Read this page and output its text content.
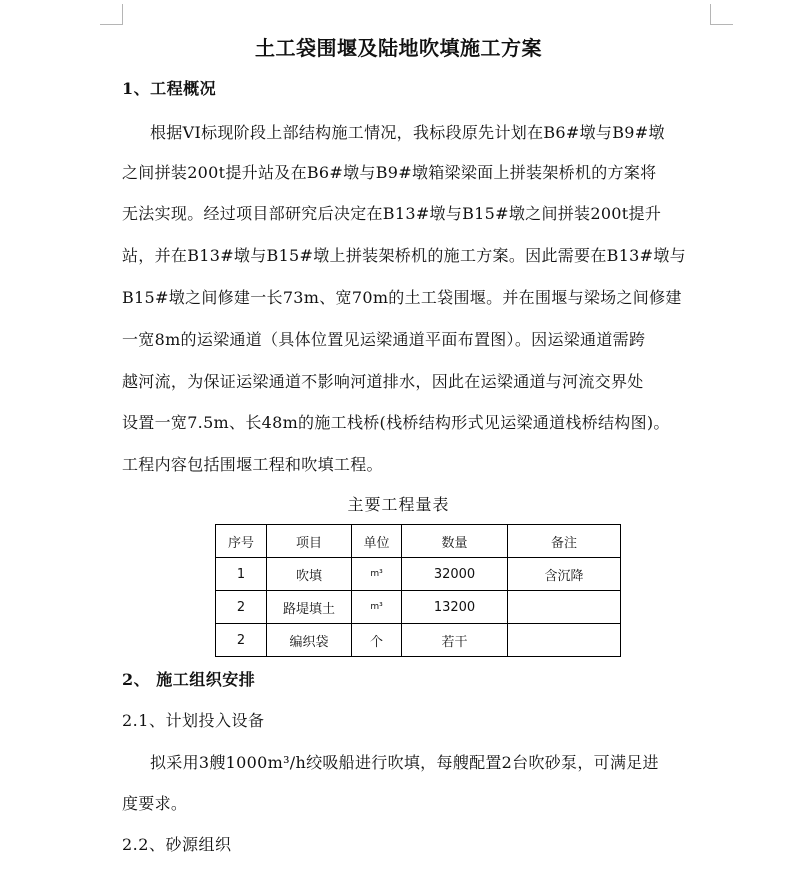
土工袋围堰及陆地吹填施工方案
1、工程概况
根据VI标现阶段上部结构施工情况，我标段原先计划在B6#墩与B9#墩
之间拼装200t提升站及在B6#墩与B9#墩箱梁梁面上拼装架桥机的方案将
无法实现。经过项目部研究后决定在B13#墩与B15#墩之间拼装200t提升
站，并在B13#墩与B15#墩上拼装架桥机的施工方案。因此需要在B13#墩与
B15#墩之间修建一长73m、宽70m的土工袋围堰。并在围堰与梁场之间修建
一宽8m的运梁通道（具体位置见运梁通道平面布置图）。因运梁通道需跨
越河流，为保证运梁通道不影响河道排水，因此在运梁通道与河流交界处
设置一宽7.5m、长48m的施工栈桥(栈桥结构形式见运梁通道栈桥结构图)。
工程内容包括围堰工程和吹填工程。
主要工程量表
序号	项目	单位	数量	备注
1	吹填	m³	32000	含沉降
2	路堤填土	m³	13200	
2	编织袋	个	若干	
2、 施工组织安排
2.1、计划投入设备
拟采用3艘1000m³/h绞吸船进行吹填，每艘配置2台吹砂泵，可满足进
度要求。
2.2、砂源组织
